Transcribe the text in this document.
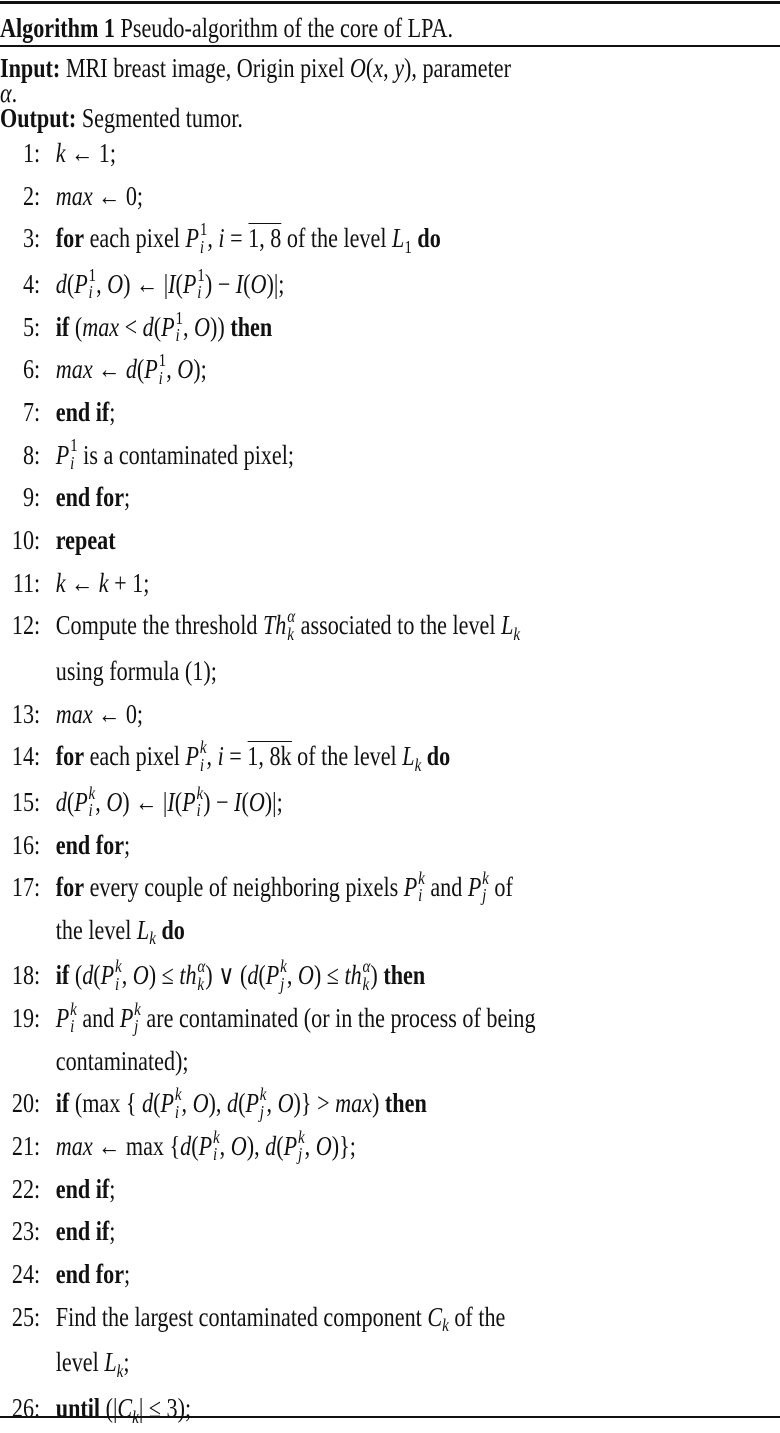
Algorithm 1 Pseudo-algorithm of the core of LPA.
Input: MRI breast image, Origin pixel O(x, y), parameter
α.
Output: Segmented tumor.
1: k ← 1;
2: max ← 0;
3: for each pixel P 1
i , i = 1, 8 of the level $L_1$ do
4: d( P 1
i , O) ← |I( P 1
i ) − I(O)|;
5: if (max < d( P 1
i , O)) then
6: max ← d( P 1
i , O);
7: end if;
8: P 1
i is a contaminated pixel;
9: end for;
10: repeat
11: k ← k + 1;
12: Compute the threshold Th α
k associated to the level $L_k$
using formula (1);
13: max ← 0;
14: for each pixel P k
i , i = 1, 8k of the level $L_k$ do
15: d( P k
i , O) ← |I( P k
i ) − I(O)|;
16: end for;
17: for every couple of neighboring pixels P k
i and P k
j of
the level $L_k$ do
18: if (d( P k
i , O) ≤ th α
k ) ∨ (d( P k
j , O) ≤ th α
k ) then
19: P k
i and P k
j are contaminated (or in the process of being
contaminated);
20: if (max { d( P k
i , O), d( P k
j , O)} > max) then
21: max ← max {d( P k
i , O), d( P k
j , O)};
22: end if;
23: end if;
24: end for;
25: Find the largest contaminated component $C_k$ of the
level $L_k$;
26: until $(|C_k| \le 3)$;
